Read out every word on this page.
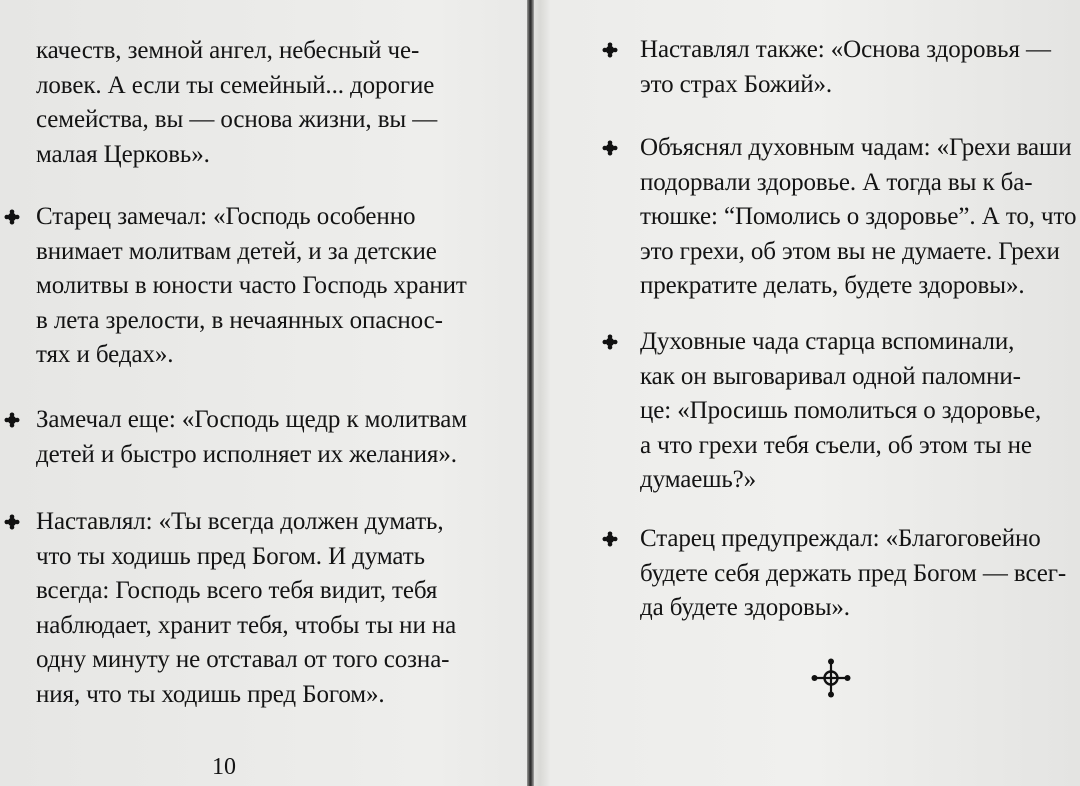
качеств, земной ангел, небесный че-
ловек. А если ты семейный... дорогие
семейства, вы — основа жизни, вы —
малая Церковь».
Старец замечал: «Господь особенно
внимает молитвам детей, и за детские
молитвы в юности часто Господь хранит
в лета зрелости, в нечаянных опаснос-
тях и бедах».
Замечал еще: «Господь щедр к молитвам
детей и быстро исполняет их желания».
Наставлял: «Ты всегда должен думать,
что ты ходишь пред Богом. И думать
всегда: Господь всего тебя видит, тебя
наблюдает, хранит тебя, чтобы ты ни на
одну минуту не отставал от того созна-
ния, что ты ходишь пред Богом».
10
Наставлял также: «Основа здоровья —
это страх Божий».
Объяснял духовным чадам: «Грехи ваши
подорвали здоровье. А тогда вы к ба-
тюшке: “Помолись о здоровье”. А то, что
это грехи, об этом вы не думаете. Грехи
прекратите делать, будете здоровы».
Духовные чада старца вспоминали,
как он выговаривал одной паломни-
це: «Просишь помолиться о здоровье,
а что грехи тебя съели, об этом ты не
думаешь?»
Старец предупреждал: «Благоговейно
будете себя держать пред Богом — всег-
да будете здоровы».
